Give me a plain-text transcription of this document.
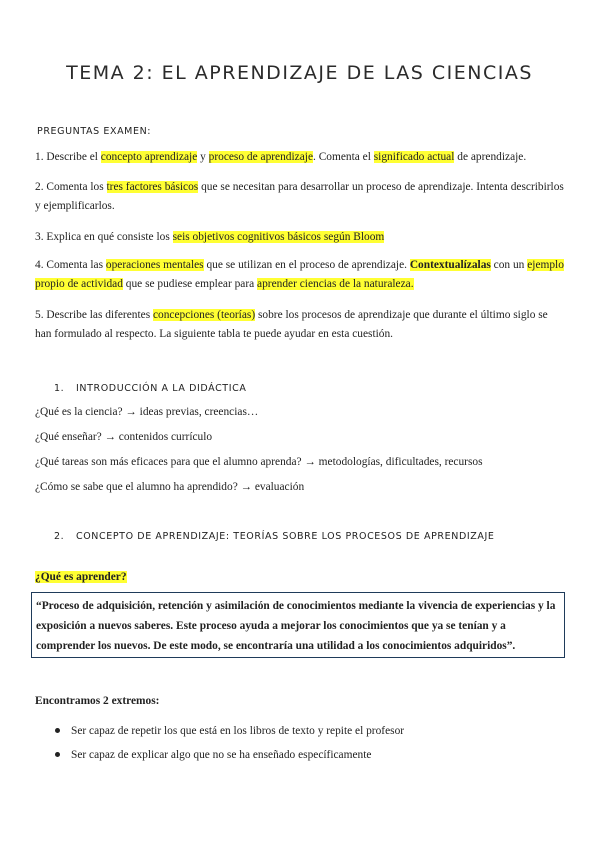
TEMA 2: EL APRENDIZAJE DE LAS CIENCIAS
PREGUNTAS EXAMEN:
1. Describe el concepto aprendizaje y proceso de aprendizaje. Comenta el significado actual de aprendizaje.
2. Comenta los tres factores básicos que se necesitan para desarrollar un proceso de aprendizaje. Intenta describirlos y ejemplificarlos.
3. Explica en qué consiste los seis objetivos cognitivos básicos según Bloom
4. Comenta las operaciones mentales que se utilizan en el proceso de aprendizaje. Contextualízalas con un ejemplo propio de actividad que se pudiese emplear para aprender ciencias de la naturaleza.
5. Describe las diferentes concepciones (teorías) sobre los procesos de aprendizaje que durante el último siglo se han formulado al respecto. La siguiente tabla te puede ayudar en esta cuestión.
1. INTRODUCCIÓN A LA DIDÁCTICA
¿Qué es la ciencia? → ideas previas, creencias…
¿Qué enseñar? → contenidos currículo
¿Qué tareas son más eficaces para que el alumno aprenda? → metodologías, dificultades, recursos
¿Cómo se sabe que el alumno ha aprendido? → evaluación
2. CONCEPTO DE APRENDIZAJE: TEORÍAS SOBRE LOS PROCESOS DE APRENDIZAJE
¿Qué es aprender?
“Proceso de adquisición, retención y asimilación de conocimientos mediante la vivencia de experiencias y la exposición a nuevos saberes. Este proceso ayuda a mejorar los conocimientos que ya se tenían y a comprender los nuevos. De este modo, se encontraría una utilidad a los conocimientos adquiridos”.
Encontramos 2 extremos:
Ser capaz de repetir los que está en los libros de texto y repite el profesor
Ser capaz de explicar algo que no se ha enseñado específicamente
